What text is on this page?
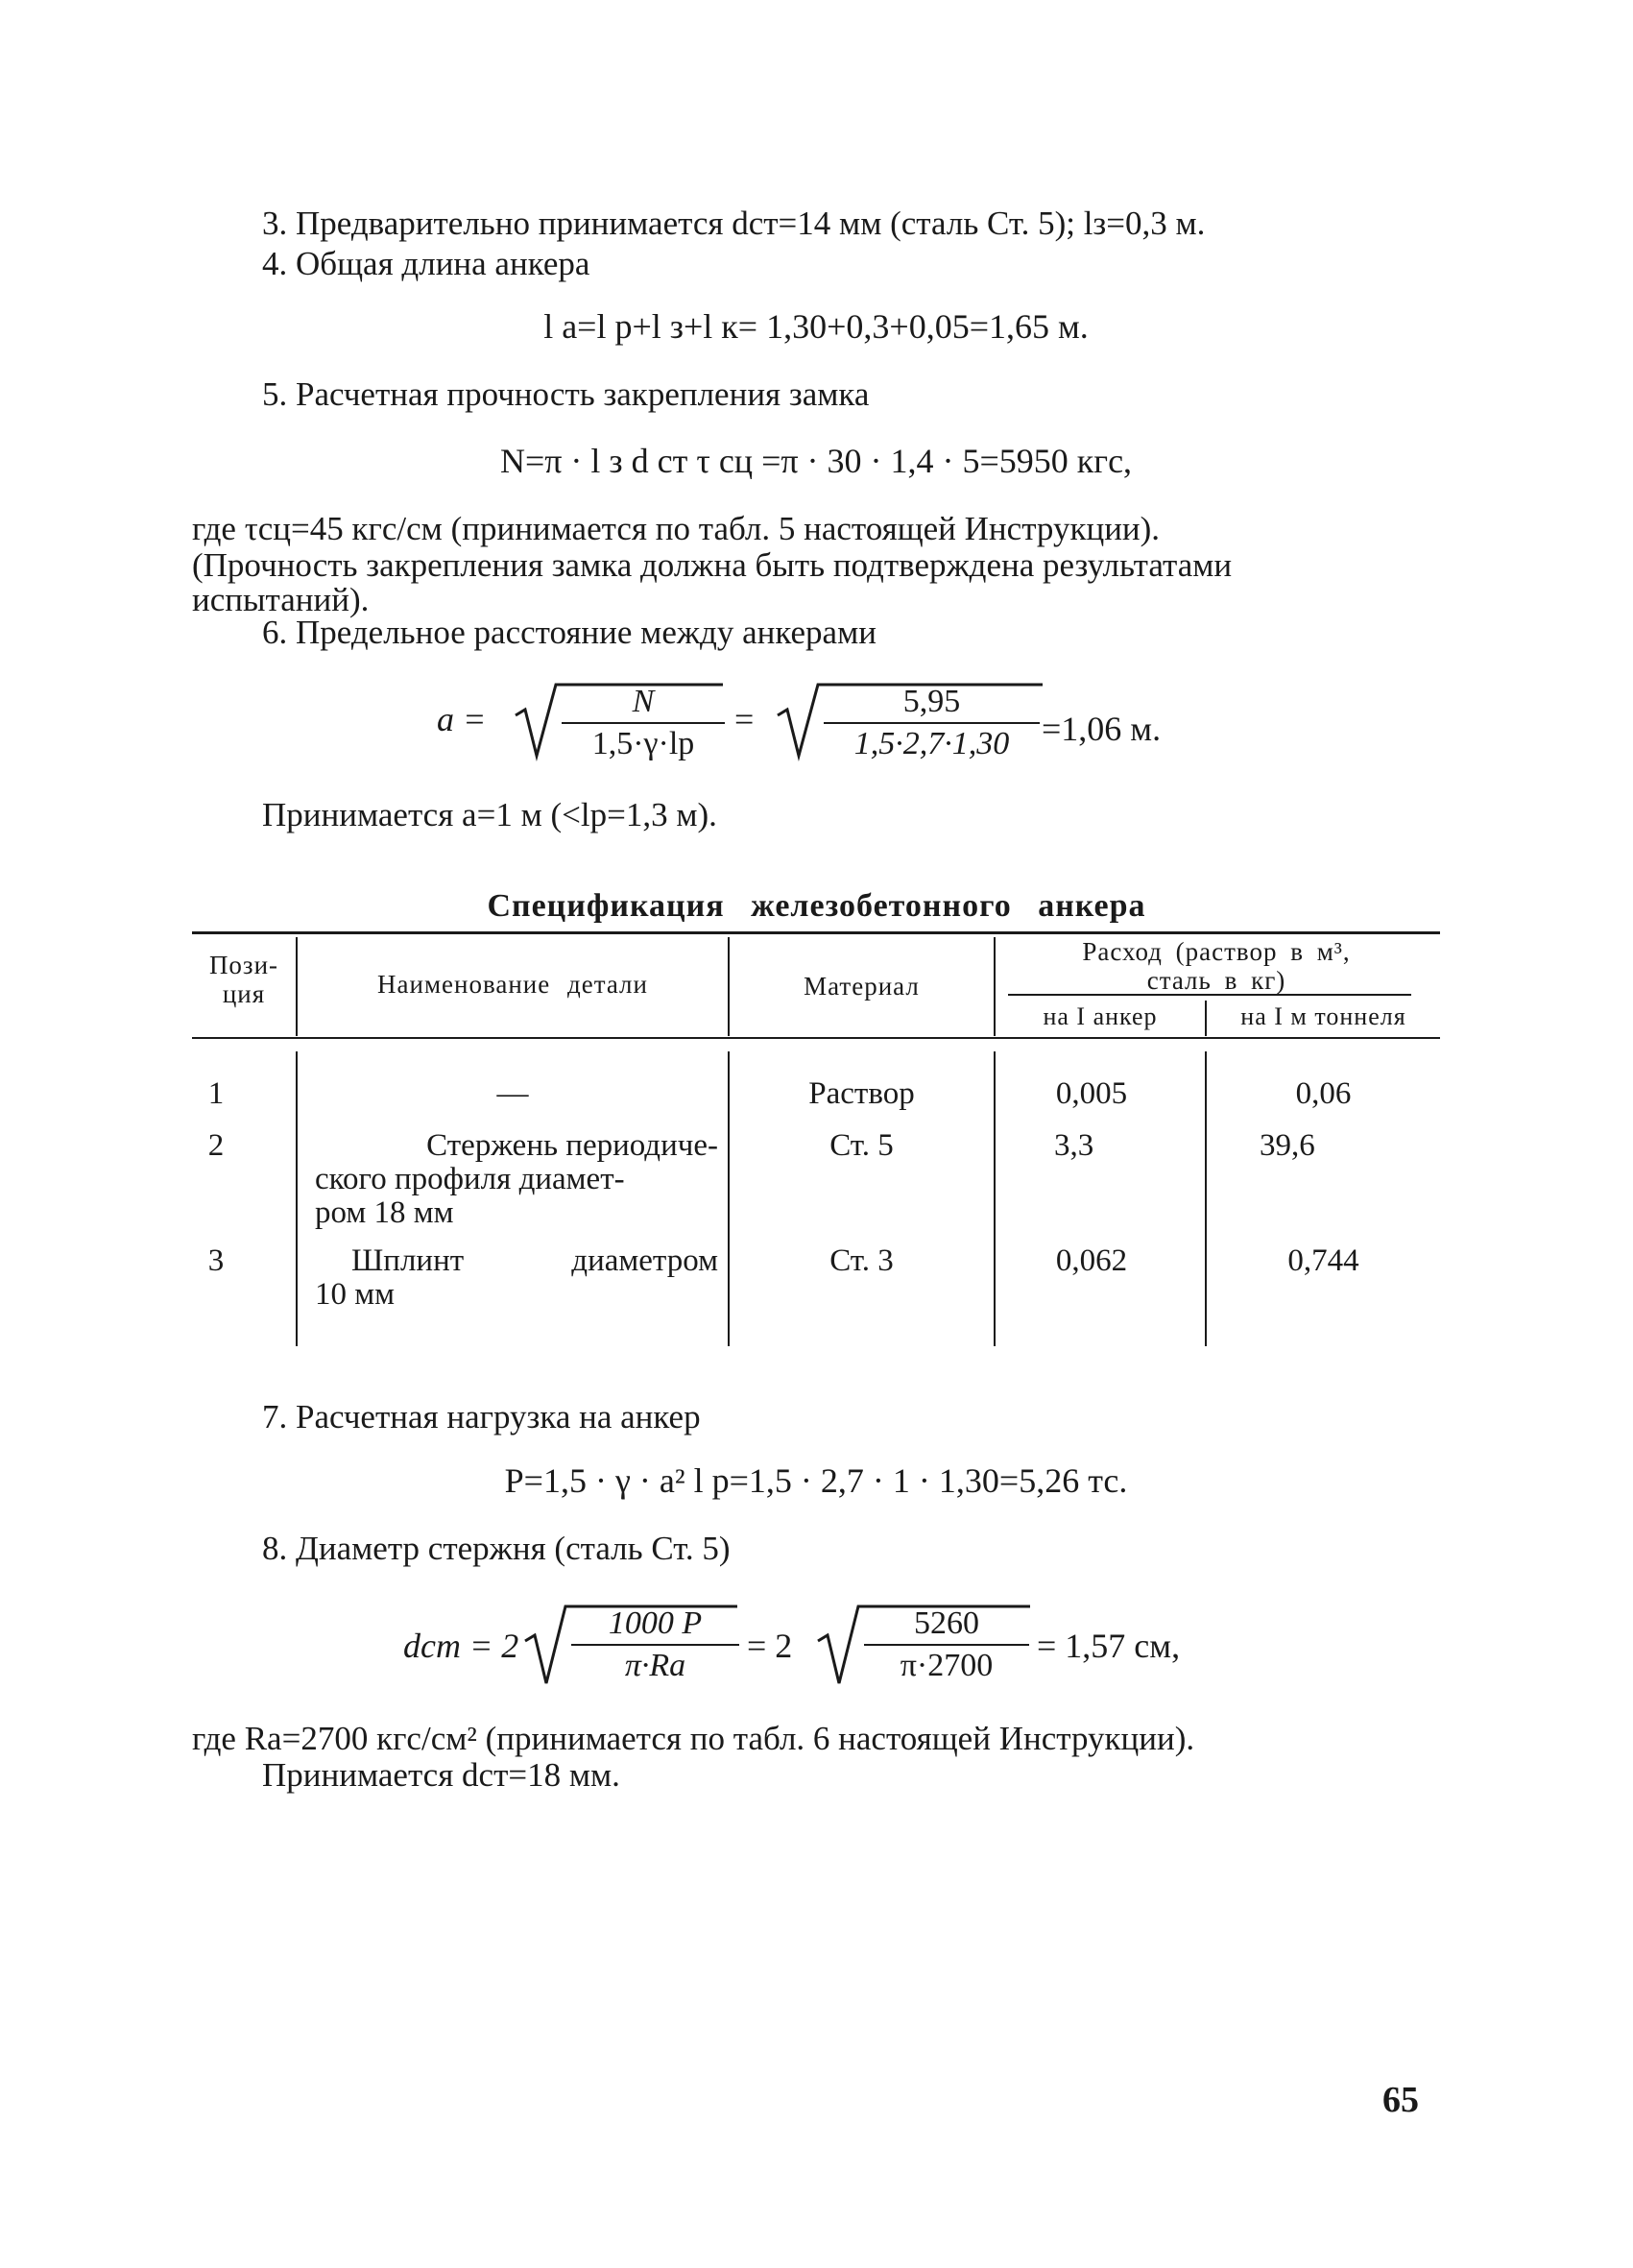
3. Предварительно принимается dст=14 мм (сталь Ст. 5); lз=0,3 м.
4. Общая длина анкера
l a=l р+l з+l к= 1,30+0,3+0,05=1,65 м.
5. Расчетная прочность закрепления замка
N=π · l з d ст τ сц =π · 30 · 1,4 · 5=5950 кгс,
где τсц=45 кгс/см (принимается по табл. 5 настоящей Инструкции).
(Прочность закрепления замка должна быть подтверждена результатами
испытаний).
6. Предельное расстояние между анкерами
a =	N
1,5·γ·lр
= $\frac{5,95}{1,5\cdot 2,7\cdot 1,30} =1,06$ м.
Принимается a=1 м (<lр=1,3 м).
Спецификация железобетонного анкера
Пози-
ция	Наименование детали	Материал
Расход (раствор в м³,
сталь в кг)
на I анкер	на I м тоннеля
1	—	Раствор	0,005	0,06
2	Стержень периодиче-
ского профиля диамет-
ром 18 мм
Ст. 5	3,3	39,6
3	Шплинт диаметром
10 мм
Ст. 3	0,062	0,744
7. Расчетная нагрузка на анкер
P=1,5 · γ · a² l р=1,5 · 2,7 · 1 · 1,30=5,26 тс.
8. Диаметр стержня (сталь Ст. 5)
dст = $2 \frac{1000 P}{\pi\cdot Ra} = 2 \frac{5260}{\pi\cdot 2700} = 1,57$ см,
где Ra=2700 кгс/см² (принимается по табл. 6 настоящей Инструкции).
Принимается dст=18 мм.
65
